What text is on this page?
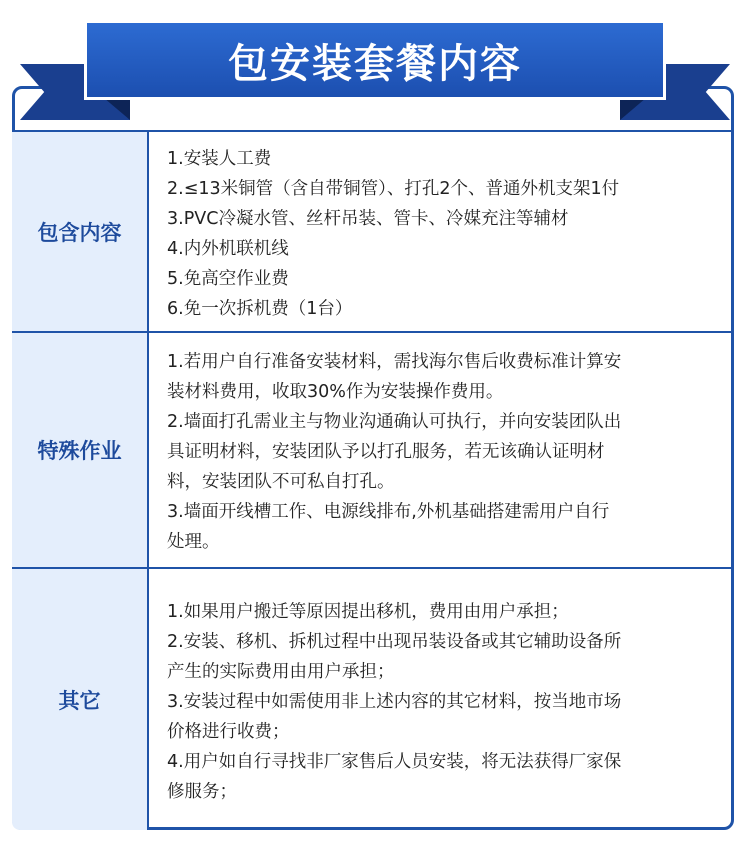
包安装套餐内容
包含内容
1.安装人工费
2.≤13米铜管（含自带铜管）、打孔2个、普通外机支架1付
3.PVC冷凝水管、丝杆吊装、管卡、冷媒充注等辅材
4.内外机联机线
5.免高空作业费
6.免一次拆机费（1台）
特殊作业
1.若用户自行准备安装材料，需找海尔售后收费标准计算安
装材料费用，收取30%作为安装操作费用。
2.墙面打孔需业主与物业沟通确认可执行，并向安装团队出
具证明材料，安装团队予以打孔服务，若无该确认证明材
料，安装团队不可私自打孔。
3.墙面开线槽工作、电源线排布,外机基础搭建需用户自行
处理。
其它
1.如果用户搬迁等原因提出移机，费用由用户承担；
2.安装、移机、拆机过程中出现吊装设备或其它辅助设备所
产生的实际费用由用户承担；
3.安装过程中如需使用非上述内容的其它材料，按当地市场
价格进行收费；
4.用户如自行寻找非厂家售后人员安装，将无法获得厂家保
修服务；
